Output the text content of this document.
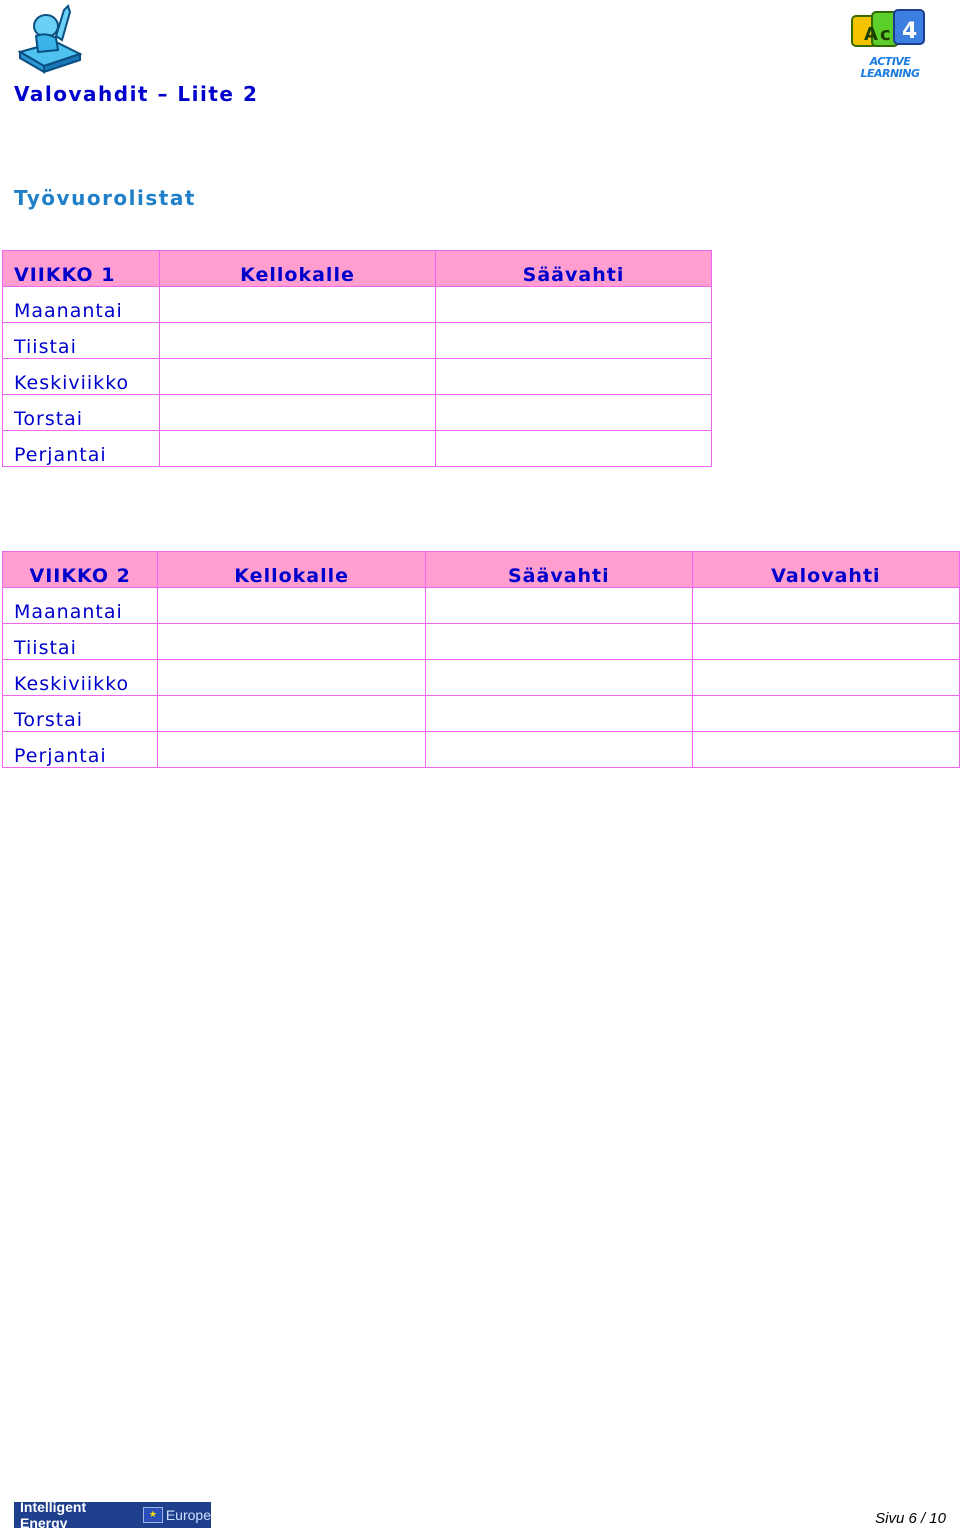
A c 4
ACTIVE LEARNING
Valovahdit – Liite 2
Työvuorolistat
VIIKKO 1	Kellokalle	Säävahti
Maanantai		
Tiistai		
Keskiviikko		
Torstai		
Perjantai		
VIIKKO 2	Kellokalle	Säävahti	Valovahti
Maanantai			
Tiistai			
Keskiviikko			
Torstai			
Perjantai			
Intelligent Energy	★ Europe	Sivu 6 / 10
